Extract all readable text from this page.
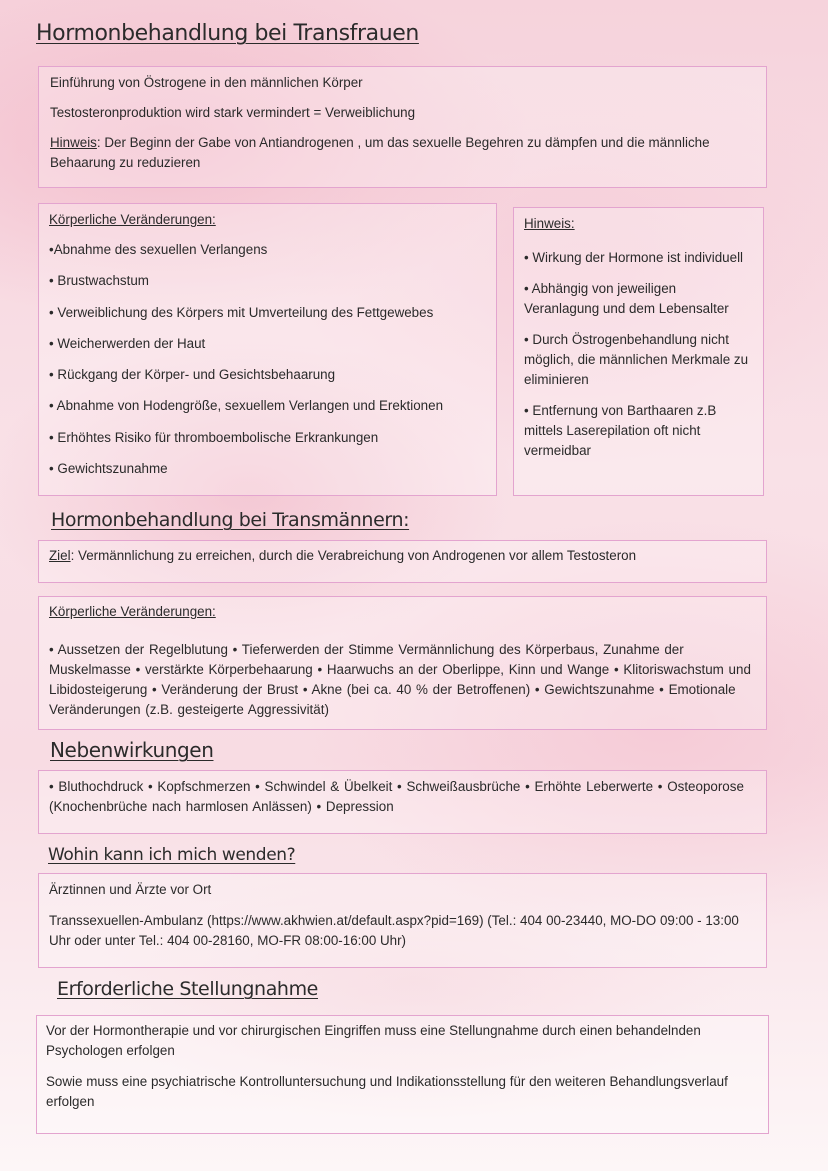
Hormonbehandlung bei Transfrauen

Einführung von Östrogene in den männlichen Körper

Testosteronproduktion wird stark vermindert = Verweiblichung

Hinweis: Der Beginn der Gabe von Antiandrogenen , um das sexuelle Begehren zu dämpfen und die männliche Behaarung zu reduzieren

Körperliche Veränderungen:
•Abnahme des sexuellen Verlangens
• Brustwachstum
• Verweiblichung des Körpers mit Umverteilung des Fettgewebes
• Weicherwerden der Haut
• Rückgang der Körper- und Gesichtsbehaarung
• Abnahme von Hodengröße, sexuellem Verlangen und Erektionen
• Erhöhtes Risiko für thromboembolische Erkrankungen
• Gewichtszunahme
Hinweis:
• Wirkung der Hormone ist individuell
• Abhängig von jeweiligen Veranlagung und dem Lebensalter
• Durch Östrogenbehandlung nicht möglich, die männlichen Merkmale zu eliminieren
• Entfernung von Barthaaren z.B mittels Laserepilation oft nicht vermeidbar
Hormonbehandlung bei Transmännern:
Ziel: Vermännlichung zu erreichen, durch die Verabreichung von Androgenen vor allem Testosteron
Körperliche Veränderungen:
• Aussetzen der Regelblutung • Tieferwerden der Stimme Vermännlichung des Körperbaus, Zunahme der Muskelmasse • verstärkte Körperbehaarung • Haarwuchs an der Oberlippe, Kinn und Wange • Klitoriswachstum und Libidosteigerung • Veränderung der Brust • Akne (bei ca. 40 % der Betroffenen) • Gewichtszunahme • Emotionale Veränderungen (z.B. gesteigerte Aggressivität)
Nebenwirkungen
• Bluthochdruck • Kopfschmerzen • Schwindel & Übelkeit • Schweißausbrüche • Erhöhte Leberwerte • Osteoporose (Knochenbrüche nach harmlosen Anlässen) • Depression
Wohin kann ich mich wenden?

Ärztinnen und Ärzte vor Ort

Transsexuellen-Ambulanz (https://www.akhwien.at/default.aspx?pid=169) (Tel.: 404 00-23440, MO-DO 09:00 - 13:00 Uhr oder unter Tel.: 404 00-28160, MO-FR 08:00-16:00 Uhr)

Erforderliche Stellungnahme

Vor der Hormontherapie und vor chirurgischen Eingriffen muss eine Stellungnahme durch einen behandelnden Psychologen erfolgen

Sowie muss eine psychiatrische Kontrolluntersuchung und Indikationsstellung für den weiteren Behandlungsverlauf erfolgen
